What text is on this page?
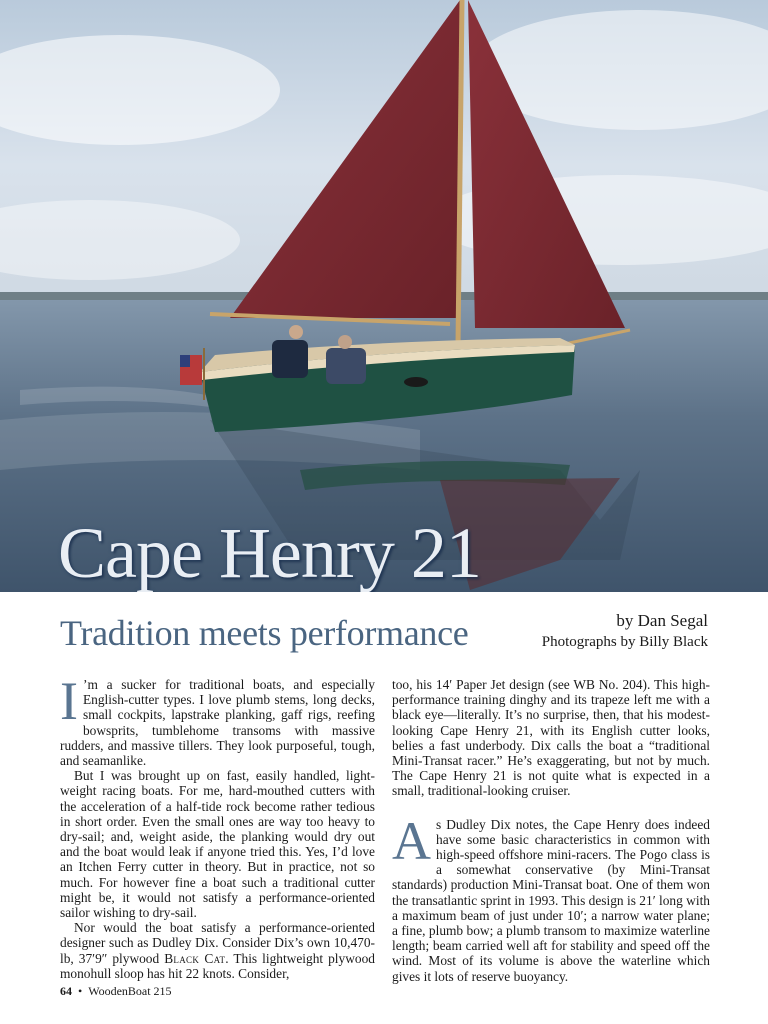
Cape Henry 21
Tradition meets performance	by Dan Segal

Photographs by Billy Black

I ’m a sucker for traditional boats, and especially English-cutter types. I love plumb stems, long decks, small cockpits, lapstrake planking, gaff rigs, reefing bowsprits, tumblehome transoms with massive rudders, and massive tillers. They look purposeful, tough, and seamanlike.

But I was brought up on fast, easily handled, light-weight racing boats. For me, hard-mouthed cutters with the acceleration of a half-tide rock become rather tedious in short order. Even the small ones are way too heavy to dry-sail; and, weight aside, the planking would dry out and the boat would leak if anyone tried this. Yes, I’d love an Itchen Ferry cutter in theory. But in practice, not so much. For however fine a boat such a traditional cutter might be, it would not satisfy a performance-oriented sailor wishing to dry-sail.

Nor would the boat satisfy a performance-oriented designer such as Dudley Dix. Consider Dix’s own 10,470-lb, 37′9″ plywood Black Cat. This lightweight plywood monohull sloop has hit 22 knots. Consider,

too, his 14′ Paper Jet design (see WB No. 204). This high-performance training dinghy and its trapeze left me with a black eye—literally. It’s no surprise, then, that his modest-looking Cape Henry 21, with its English cutter looks, belies a fast underbody. Dix calls the boat a “traditional Mini-Transat racer.” He’s exaggerating, but not by much. The Cape Henry 21 is not quite what is expected in a small, traditional-looking cruiser.

As Dudley Dix notes, the Cape Henry does indeed have some basic characteristics in common with high-speed offshore mini-racers. The Pogo class is a somewhat conservative (by Mini-Transat standards) production Mini-Transat boat. One of them won the transatlantic sprint in 1993. This design is 21′ long with a maximum beam of just under 10′; a narrow water plane; a fine, plumb bow; a plumb transom to maximize waterline length; beam carried well aft for stability and speed off the wind. Most of its volume is above the waterline which gives it lots of reserve buoyancy.

64 • WoodenBoat 215
